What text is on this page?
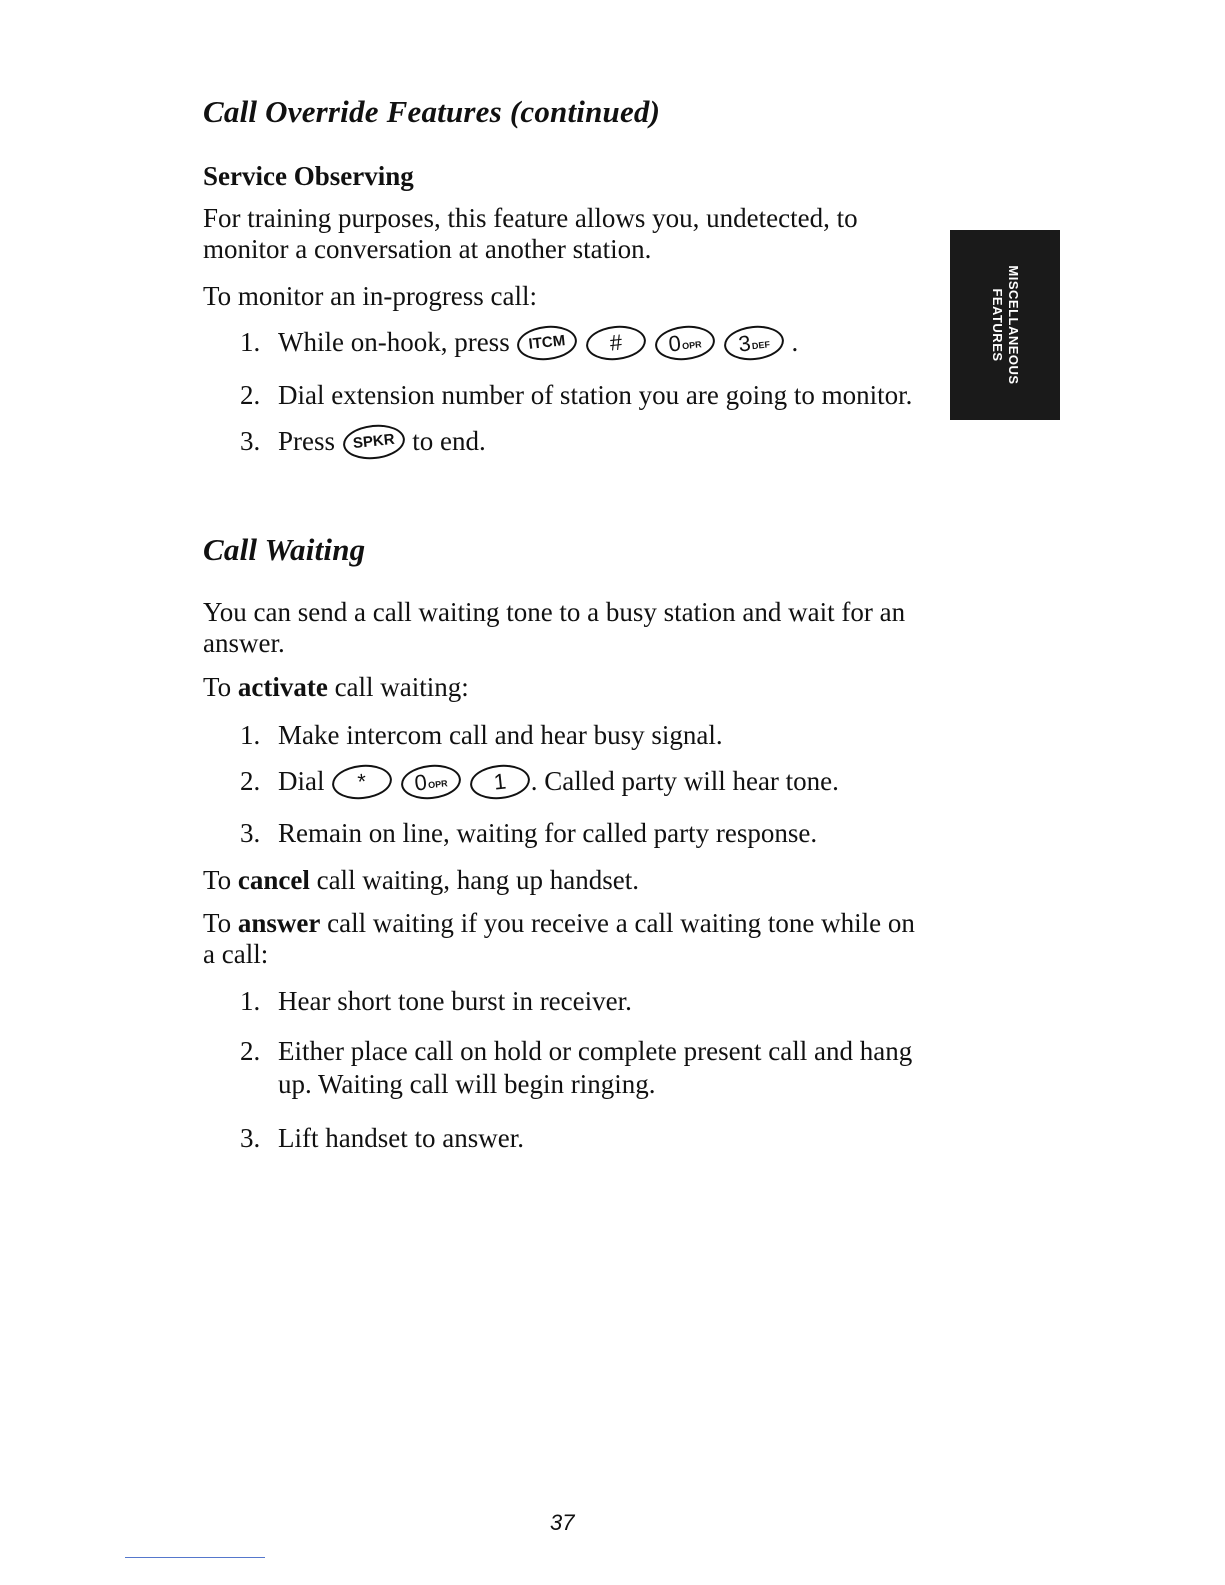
Call Override Features (continued)
Service Observing

For training purposes, this feature allows you, undetected, to monitor a conversation at another station.

To monitor an in-progress call:

1. While on-hook, press ITCM # 0OPR 3DEF .
2. Dial extension number of station you are going to monitor.
3. Press SPKR to end.
Call Waiting

You can send a call waiting tone to a busy station and wait for an answer.

To activate call waiting:

1. Make intercom call and hear busy signal.
2. Dial * 0OPR 1 . Called party will hear tone.
3. Remain on line, waiting for called party response.

To cancel call waiting, hang up handset.

To answer call waiting if you receive a call waiting tone while on a call:

1. Hear short tone burst in receiver.
2. Either place call on hold or complete present call and hang up. Waiting call will begin ringing.
3. Lift handset to answer.
MISCELLANEOUS
FEATURES
37
